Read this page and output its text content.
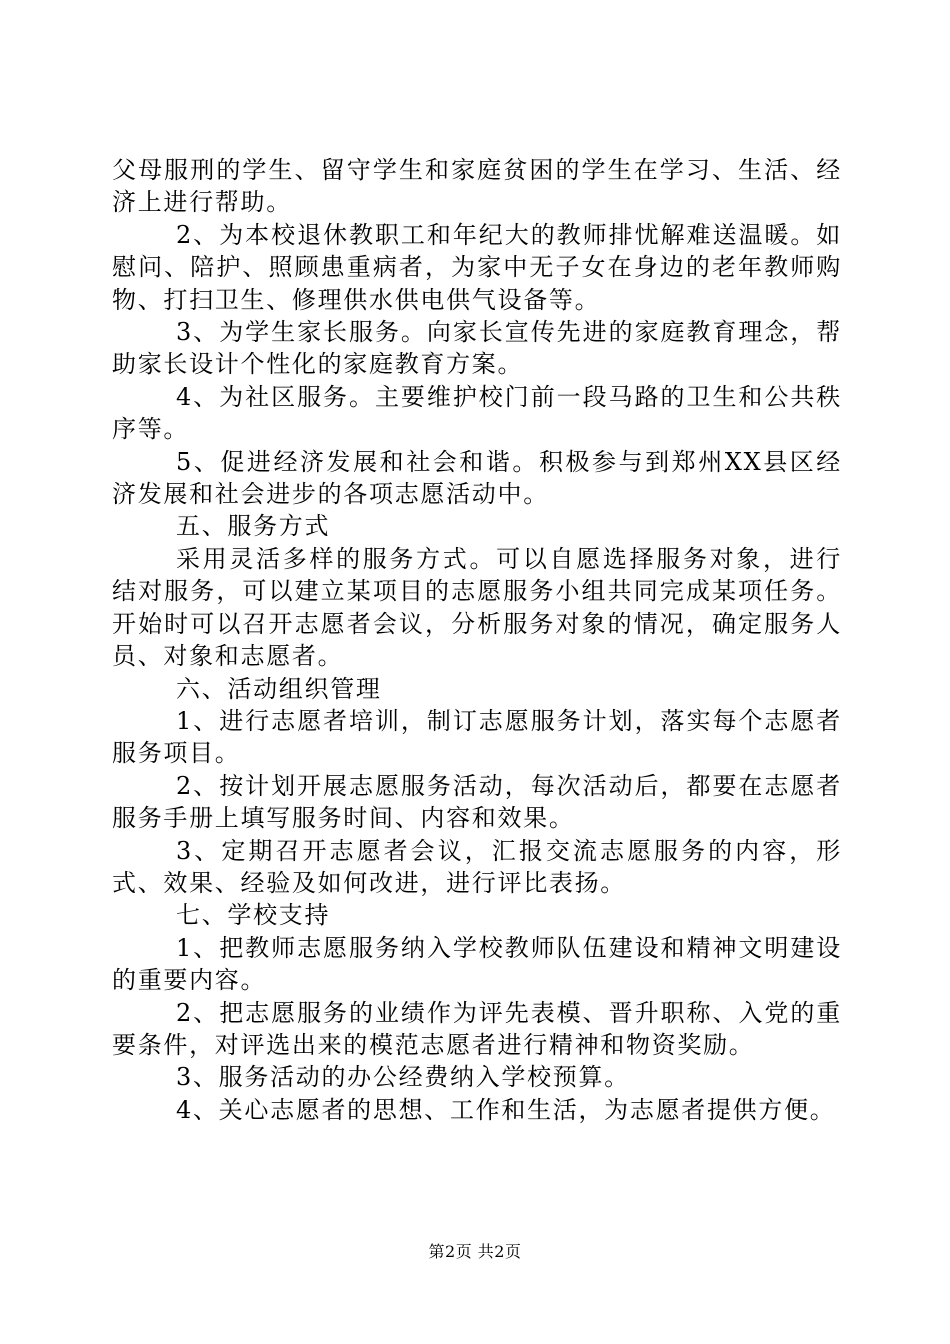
父母服刑的学生、留守学生和家庭贫困的学生在学习、生活、经济上进行帮助。

2、为本校退休教职工和年纪大的教师排忧解难送温暖。如慰问、陪护、照顾患重病者，为家中无子女在身边的老年教师购物、打扫卫生、修理供水供电供气设备等。

3、为学生家长服务。向家长宣传先进的家庭教育理念，帮助家长设计个性化的家庭教育方案。

4、为社区服务。主要维护校门前一段马路的卫生和公共秩序等。

5、促进经济发展和社会和谐。积极参与到郑州XX县区经济发展和社会进步的各项志愿活动中。

五、服务方式

采用灵活多样的服务方式。可以自愿选择服务对象，进行结对服务，可以建立某项目的志愿服务小组共同完成某项任务。开始时可以召开志愿者会议，分析服务对象的情况，确定服务人员、对象和志愿者。

六、活动组织管理

1、进行志愿者培训，制订志愿服务计划，落实每个志愿者服务项目。

2、按计划开展志愿服务活动，每次活动后，都要在志愿者服务手册上填写服务时间、内容和效果。

3、定期召开志愿者会议，汇报交流志愿服务的内容，形式、效果、经验及如何改进，进行评比表扬。

七、学校支持

1、把教师志愿服务纳入学校教师队伍建设和精神文明建设的重要内容。

2、把志愿服务的业绩作为评先表模、晋升职称、入党的重要条件，对评选出来的模范志愿者进行精神和物资奖励。

3、服务活动的办公经费纳入学校预算。

4、关心志愿者的思想、工作和生活，为志愿者提供方便。

第2页 共2页
